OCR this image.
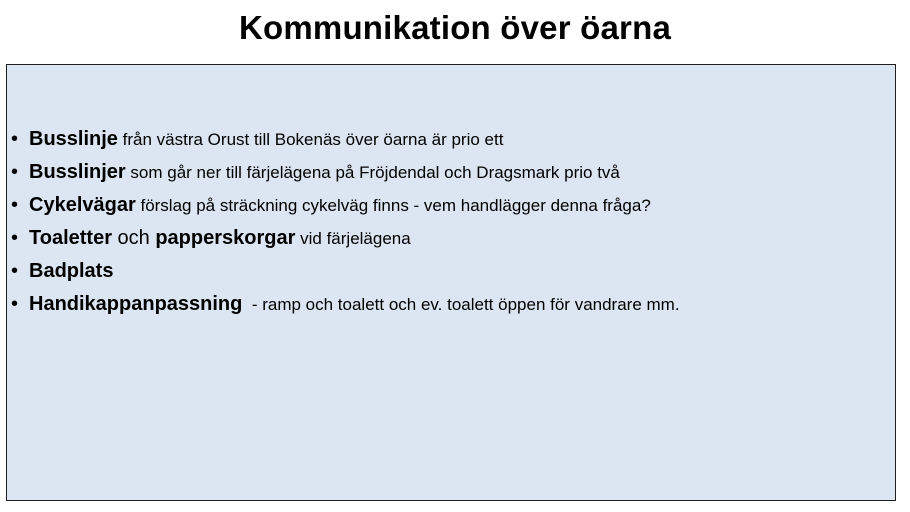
Kommunikation över öarna
• Busslinje från västra Orust till Bokenäs över öarna är prio ett
• Busslinjer som går ner till färjelägena på Fröjdendal och Dragsmark prio två
• Cykelvägar förslag på sträckning cykelväg finns - vem handlägger denna fråga?
• Toaletter och papperskorgar vid färjelägena
• Badplats
• Handikappanpassning  - ramp och toalett och ev. toalett öppen för vandrare mm.
